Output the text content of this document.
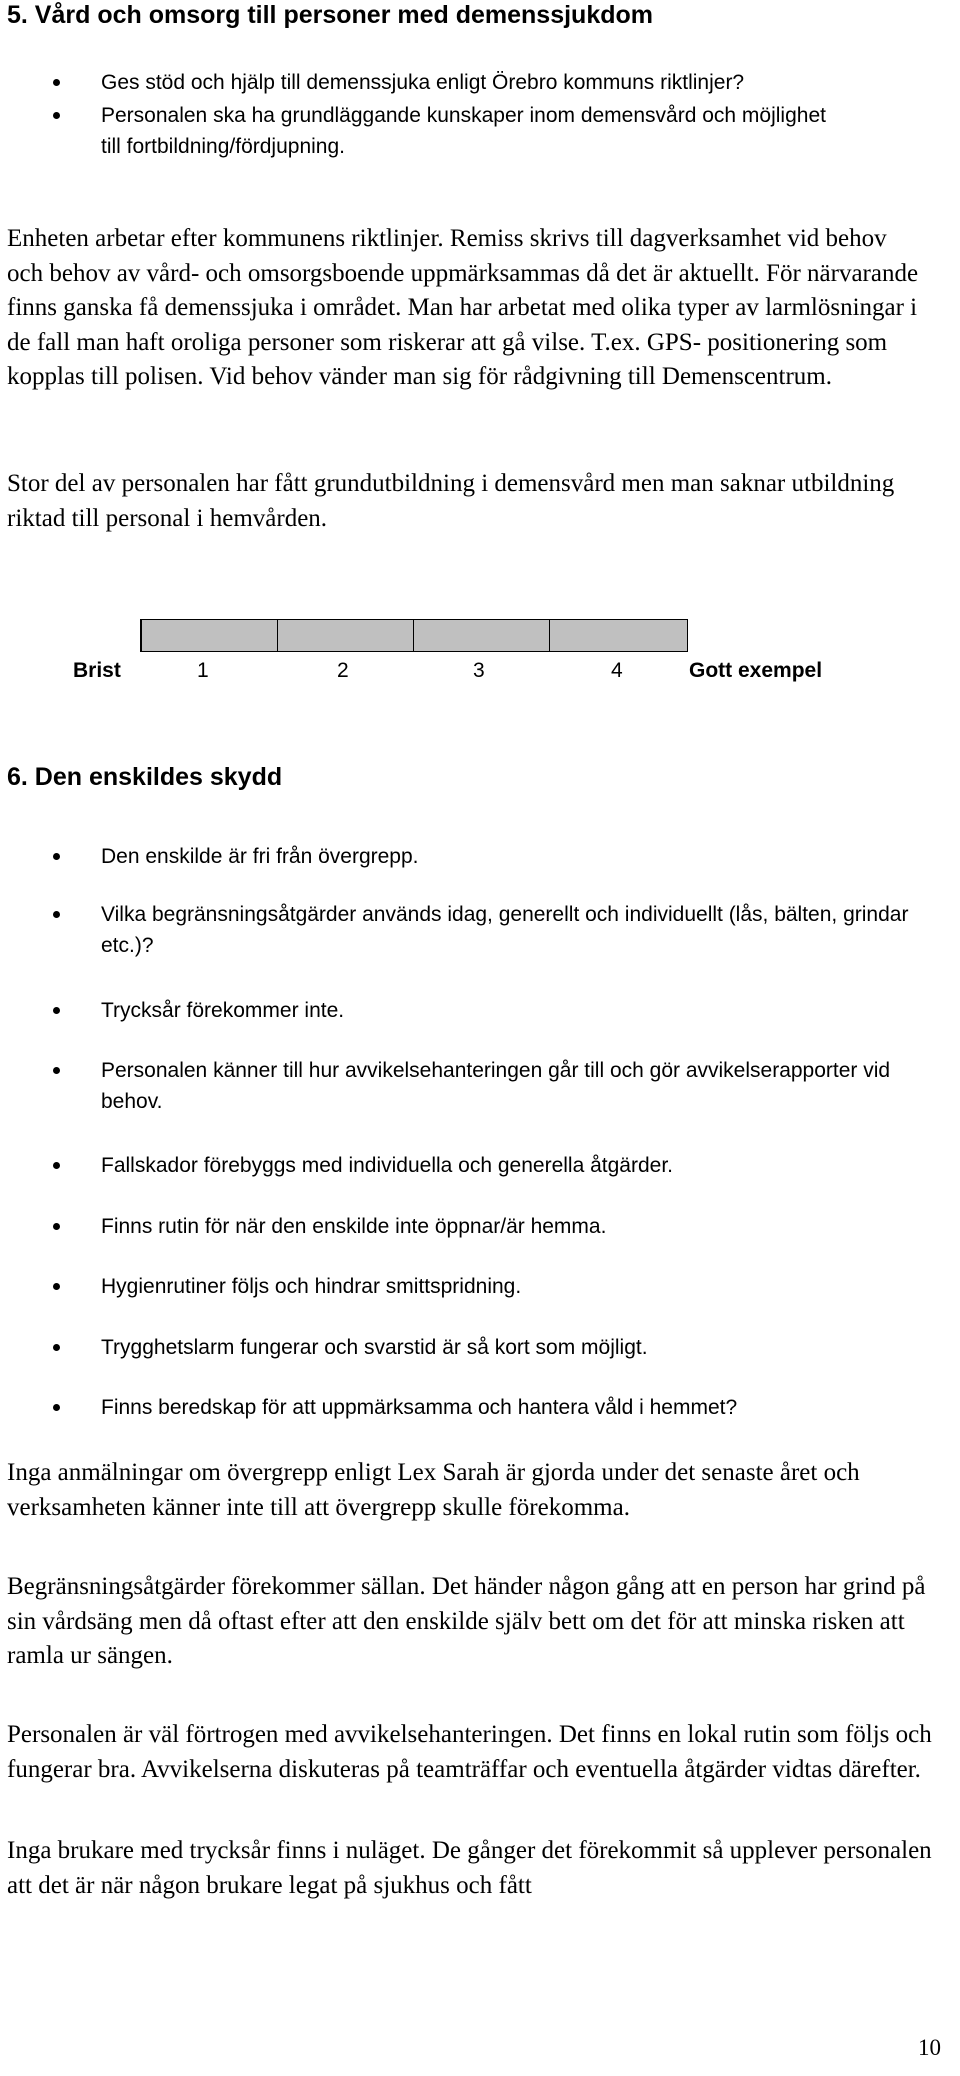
5. Vård och omsorg till personer med demenssjukdom
Ges stöd och hjälp till demenssjuka enligt Örebro kommuns riktlinjer?
Personalen ska ha grundläggande kunskaper inom demensvård och möjlighet till fortbildning/fördjupning.

Enheten arbetar efter kommunens riktlinjer. Remiss skrivs till dagverksamhet vid behov och behov av vård- och omsorgsboende uppmärksammas då det är aktuellt. För närvarande finns ganska få demenssjuka i området. Man har arbetat med olika typer av larmlösningar i de fall man haft oroliga personer som riskerar att gå vilse. T.ex. GPS- positionering som kopplas till polisen. Vid behov vänder man sig för rådgivning till Demenscentrum.

Stor del av personalen har fått grundutbildning i demensvård men man saknar utbildning riktad till personal i hemvården.

Brist	1	2	3	4	Gott exempel
6. Den enskildes skydd
Den enskilde är fri från övergrepp.
Vilka begränsningsåtgärder används idag, generellt och individuellt (lås, bälten, grindar etc.)?
Trycksår förekommer inte.
Personalen känner till hur avvikelsehanteringen går till och gör avvikelserapporter vid behov.
Fallskador förebyggs med individuella och generella åtgärder.
Finns rutin för när den enskilde inte öppnar/är hemma.
Hygienrutiner följs och hindrar smittspridning.
Trygghetslarm fungerar och svarstid är så kort som möjligt.
Finns beredskap för att uppmärksamma och hantera våld i hemmet?

Inga anmälningar om övergrepp enligt Lex Sarah är gjorda under det senaste året och verksamheten känner inte till att övergrepp skulle förekomma.

Begränsningsåtgärder förekommer sällan. Det händer någon gång att en person har grind på sin vårdsäng men då oftast efter att den enskilde själv bett om det för att minska risken att ramla ur sängen.

Personalen är väl förtrogen med avvikelsehanteringen. Det finns en lokal rutin som följs och fungerar bra. Avvikelserna diskuteras på teamträffar och eventuella åtgärder vidtas därefter.

Inga brukare med trycksår finns i nuläget. De gånger det förekommit så upplever personalen att det är när någon brukare legat på sjukhus och fått

10
